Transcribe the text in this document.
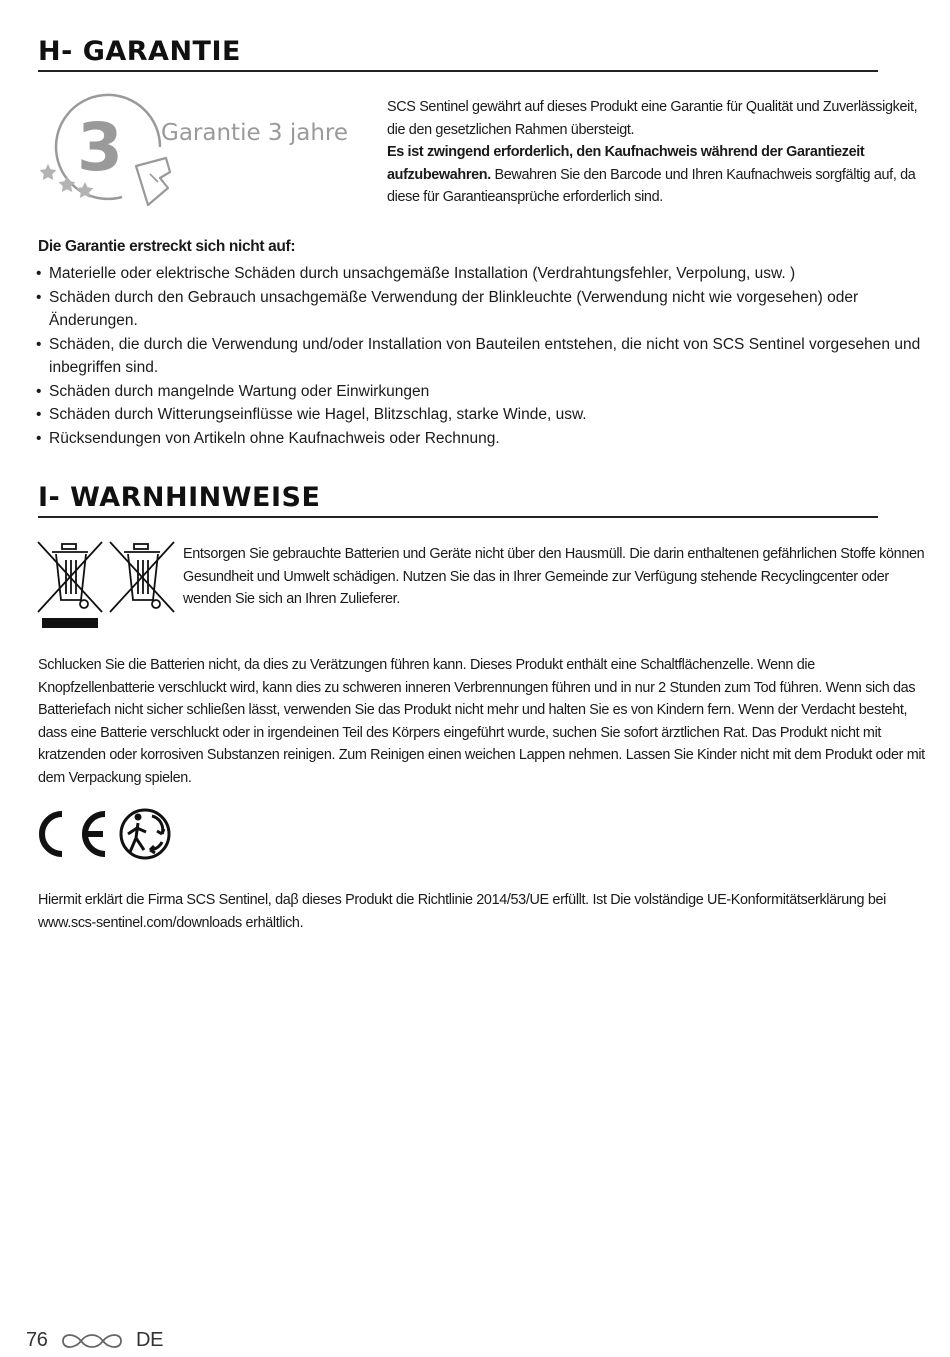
H- GARANTIE
3 Garantie 3 jahre

SCS Sentinel gewährt auf dieses Produkt eine Garantie für Qualität und Zuverlässigkeit, die den gesetzlichen Rahmen übersteigt.
Es ist zwingend erforderlich, den Kaufnachweis während der Garantiezeit aufzubewahren. Bewahren Sie den Barcode und Ihren Kaufnachweis sorgfältig auf, da diese für Garantieansprüche erforderlich sind.

Die Garantie erstreckt sich nicht auf:

• Materielle oder elektrische Schäden durch unsachgemäße Installation (Verdrahtungsfehler, Verpolung, usw. )
• Schäden durch den Gebrauch unsachgemäße Verwendung der Blinkleuchte (Verwendung nicht wie vorgesehen) oder Änderungen.
• Schäden, die durch die Verwendung und/oder Installation von Bauteilen entstehen, die nicht von SCS Sentinel vorgesehen und inbegriffen sind.
• Schäden durch mangelnde Wartung oder Einwirkungen
• Schäden durch Witterungseinflüsse wie Hagel, Blitzschlag, starke Winde, usw.
• Rücksendungen von Artikeln ohne Kaufnachweis oder Rechnung.
I- WARNHINWEISE

Entsorgen Sie gebrauchte Batterien und Geräte nicht über den Hausmüll. Die darin enthaltenen gefährlichen Stoffe können Gesundheit und Umwelt schädigen. Nutzen Sie das in Ihrer Gemeinde zur Verfügung stehende Recyclingcenter oder wenden Sie sich an Ihren Zulieferer.

Schlucken Sie die Batterien nicht, da dies zu Verätzungen führen kann. Dieses Produkt enthält eine Schaltflächenzelle. Wenn die Knopfzellenbatterie verschluckt wird, kann dies zu schweren inneren Verbrennungen führen und in nur 2 Stunden zum Tod führen. Wenn sich das Batteriefach nicht sicher schließen lässt, verwenden Sie das Produkt nicht mehr und halten Sie es von Kindern fern. Wenn der Verdacht besteht, dass eine Batterie verschluckt oder in irgendeinen Teil des Körpers eingeführt wurde, suchen Sie sofort ärztlichen Rat. Das Produkt nicht mit kratzenden oder korrosiven Substanzen reinigen. Zum Reinigen einen weichen Lappen nehmen. Lassen Sie Kinder nicht mit dem Produkt oder mit dem Verpackung spielen.

Hiermit erklärt die Firma SCS Sentinel, daβ dieses Produkt die Richtlinie 2014/53/UE erfüllt. Ist Die volständige UE-Konformitätserklärung bei www.scs-sentinel.com/downloads erhältlich.

76	DE
